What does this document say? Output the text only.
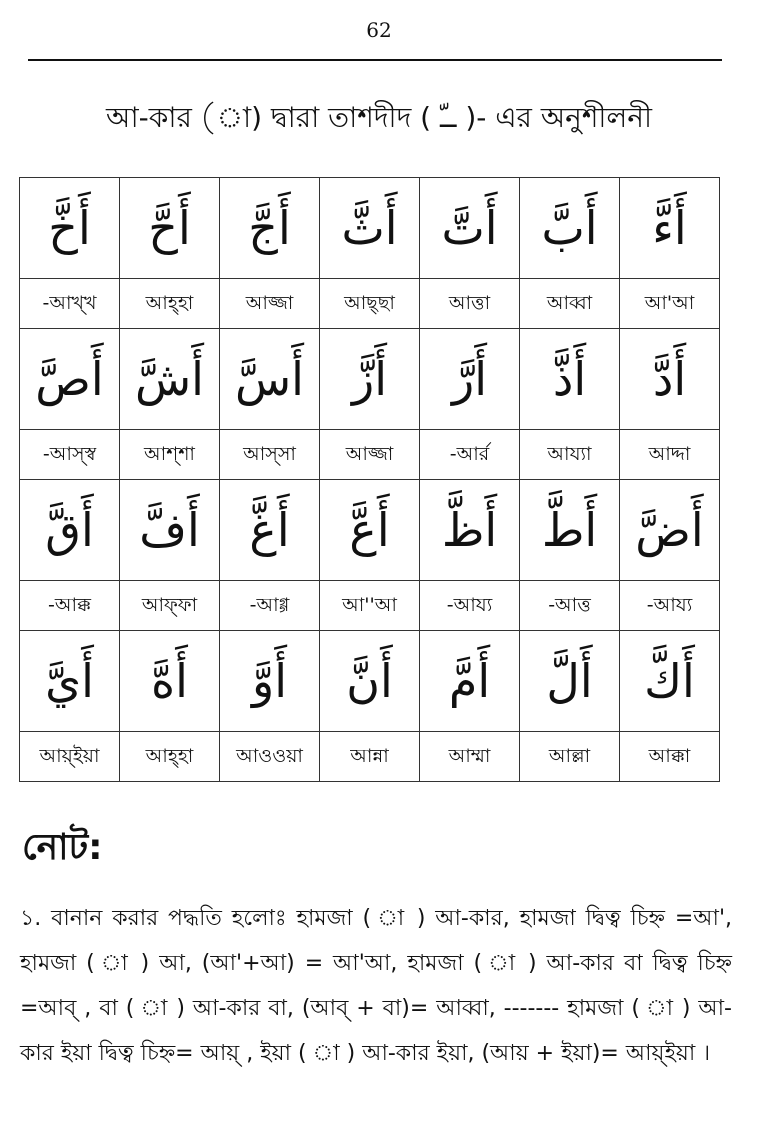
62
আ-কার (া) দ্বারা তাশদীদ ( ــّ )- এর অনুশীলনী
أَءَّ	أَبَّ	أَتَّ	أَثَّ	أَجَّ	أَحَّ	أَخَّ
আ'আ	আব্বা	আত্তা	আছ্ছা	আজ্জা	আহ্হা	আখ্খ-
أَدَّ	أَذَّ	أَرَّ	أَزَّ	أَسَّ	أَشَّ	أَصَّ
আদ্দা	আয্যা	আর্র-	আজ্জা	আস্সা	আশ্শা	আস্স্ব-
أَضَّ	أَطَّ	أَظَّ	أَعَّ	أَغَّ	أَفَّ	أَقَّ
আয্য-	আত্ত-	আয্য-	আ''আ	আগ্গ-	আফ্ফা	আক্ক-
أَكَّ	أَلَّ	أَمَّ	أَنَّ	أَوَّ	أَهَّ	أَيَّ
আক্কা	আল্লা	আম্মা	আন্না	আওওয়া	আহ্হা	আয়্ইয়া
নোট:
১. বানান করার পদ্ধতি হলোঃ হামজা ( া ) আ-কার, হামজা দ্বিত্ব চিহ্ন =আ', হামজা ( া ) আ, (আ'+আ) = আ'আ, হামজা ( া ) আ-কার বা দ্বিত্ব চিহ্ন =আব্ , বা ( া ) আ-কার বা, (আব্ + বা)= আব্বা, ------- হামজা ( া ) আ-কার ইয়া দ্বিত্ব চিহ্ন= আয়্ , ইয়া ( া ) আ-কার ইয়া, (আয় + ইয়া)= আয়্ইয়া ।
